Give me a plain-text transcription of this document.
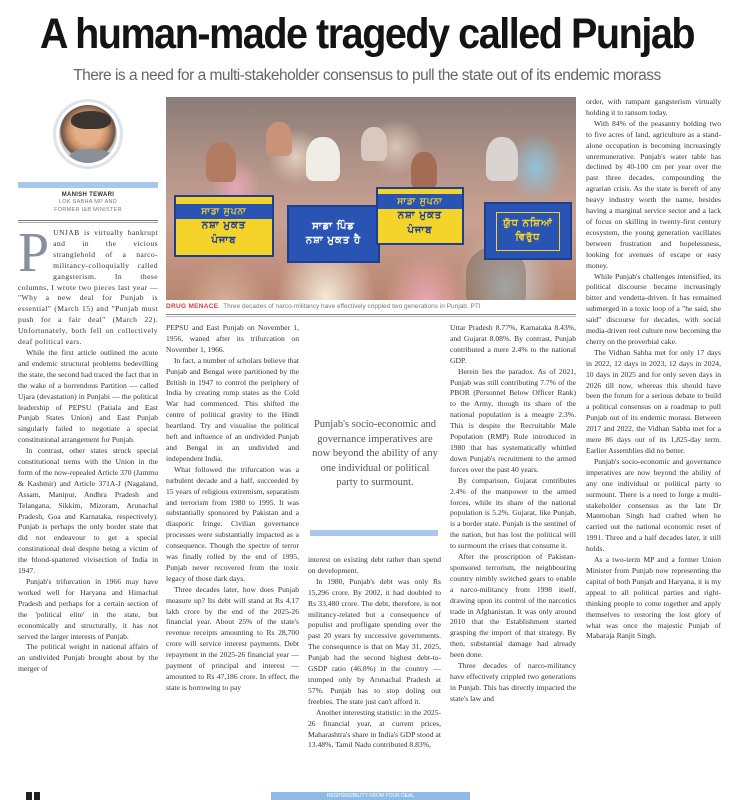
A human-made tragedy called Punjab
There is a need for a multi-stakeholder consensus to pull the state out of its endemic morass
MANISH TEWARI
LOK SABHA MP AND
FORMER I&B MINISTER	ਸਾਡਾ ਸੁਪਨਾ
ਨਸ਼ਾ ਮੁਕਤ
ਪੰਜਾਬ
ਸਾਡਾ ਪਿੰਡ
ਨਸ਼ਾ ਮੁਕਤ ਹੈ
ਸਾਡਾ ਸੁਪਨਾ
ਨਸ਼ਾ ਮੁਕਤ
ਪੰਜਾਬ
ਯੁੱਧ ਨਸ਼ਿਆਂ
ਵਿਰੁੱਧ
DRUG MENACE Three decades of narco-militancy have effectively crippled two generations in Punjab. PTI

P UNJAB is virtually bankrupt and in the vicious stranglehold of a narco-militancy-colloquially called gangsterism. In these columns, I wrote two pieces last year — "Why a new deal for Punjab is essential" (March 15) and "Punjab must push for a fair deal" (March 22). Unfortunately, both fell on collectively deaf political ears.

While the first article outlined the acute and endemic structural problems bedevilling the state, the second had traced the fact that in the wake of a horrendous Partition — called Ujara (devastation) in Punjabi — the political leadership of PEPSU (Patiala and East Punjab States Union) and East Punjab singularly failed to negotiate a special constitutional arrangement for Punjab.

In contrast, other states struck special constitutional terms with the Union in the form of the now-repealed Article 370 (Jammu & Kashmir) and Article 371A-J (Nagaland, Assam, Manipur, Andhra Pradesh and Telangana, Sikkim, Mizoram, Arunachal Pradesh, Goa and Karnataka, respectively). Punjab is perhaps the only border state that did not endeavour to get a special constitutional deal despite being a victim of the blood-spattered vivisection of India in 1947.

Punjab's trifurcation in 1966 may have worked well for Haryana and Himachal Pradesh and perhaps for a certain section of the 'political elite' in the state, but economically and structurally, it has not served the larger interests of Punjab.

The political weight in national affairs of an undivided Punjab brought about by the merger of

PEPSU and East Punjab on November 1, 1956, waned after its trifurcation on November 1, 1966.

In fact, a number of scholars believe that Punjab and Bengal were partitioned by the British in 1947 to control the periphery of India by creating rump states as the Cold War had commenced. This shifted the centre of political gravity to the Hindi heartland. Try and visualise the political heft and influence of an undivided Punjab and Bengal in an undivided and independent India.

What followed the trifurcation was a turbulent decade and a half, succeeded by 15 years of religious extremism, separatism and terrorism from 1980 to 1995. It was substantially sponsored by Pakistan and a diasporic fringe. Civilian governance processes were substantially impacted as a consequence. Though the spectre of terror was finally rolled by the end of 1995, Punjab never recovered from the toxic legacy of those dark days.

Three decades later, how does Punjab measure up? Its debt will stand at Rs 4.17 lakh crore by the end of the 2025-26 financial year. About 25% of the state's revenue receipts amounting to Rs 28,700 crore will service interest payments. Debt repayment in the 2025-26 financial year — payment of principal and interest — amounted to Rs 47,186 crore. In effect, the state is borrowing to pay

Punjab's socio-economic and governance imperatives are now beyond the ability of any one individual or political party to surmount.

interest on existing debt rather than spend on development.

In 1980, Punjab's debt was only Rs 15,296 crore. By 2002, it had doubled to Rs 33,480 crore. The debt, therefore, is not militancy-related but a consequence of populist and profligate spending over the past 20 years by successive governments. The consequence is that on May 31, 2025, Punjab had the second highest debt-to-GSDP ratio (46.8%) in the country — trumped only by Arunachal Pradesh at 57%. Punjab has to stop doling out freebies. The state just can't afford it.

Another interesting statistic: in the 2025-26 financial year, at current prices, Maharashtra's share in India's GDP stood at 13.48%, Tamil Nadu contributed 8.83%,

Uttar Pradesh 8.77%, Karnataka 8.43%, and Gujarat 8.08%. By contrast, Punjab contributed a mere 2.4% to the national GDP.

Herein lies the paradox. As of 2021, Punjab was still contributing 7.7% of the PBOR (Personnel Below Officer Rank) to the Army, though its share of the national population is a meagre 2.3%. This is despite the Recruitable Male Population (RMP) Rule introduced in 1980 that has systematically whittled down Punjab's recruitment to the armed forces over the past 40 years.

By comparison, Gujarat contributes 2.4% of the manpower to the armed forces, while its share of the national population is 5.2%. Gujarat, like Punjab, is a border state. Punjab is the sentinel of the nation, but has lost the political will to surmount the crises that consume it.

After the proscription of Pakistan-sponsored terrorism, the neighbouring country nimbly switched gears to enable a narco-militancy from 1998 itself, drawing upon its control of the narcotics trade in Afghanistan. It was only around 2010 that the Establishment started grasping the import of that strategy. By then, substantial damage had already been done.

Three decades of narco-militancy have effectively crippled two generations in Punjab. This has directly impacted the state's law and

order, with rampant gangsterism virtually holding it to ransom today.

With 84% of the peasantry holding two to five acres of land, agriculture as a stand-alone occupation is becoming increasingly unremunerative. Punjab's water table has declined by 40-100 cm per year over the past three decades, compounding the agrarian crisis. As the state is bereft of any heavy industry worth the name, besides having a marginal service sector and a lack of focus on skilling in twenty-first century ecosystem, the young generation vacillates between frustration and hopelessness, looking for avenues of escape or easy money.

While Punjab's challenges intensified, its political discourse became increasingly bitter and vendetta-driven. It has remained submerged in a toxic loop of a "he said, she said" discourse for decades, with social media-driven reel culture now becoming the cherry on the proverbial cake.

The Vidhan Sabha met for only 17 days in 2022, 12 days in 2023, 12 days in 2024, 10 days in 2025 and for only seven days in 2026 till now, whereas this should have been the forum for a serious debate to build a political consensus on a roadmap to pull Punjab out of its endemic morass. Between 2017 and 2022, the Vidhan Sabha met for a mere 86 days out of its 1,825-day term. Earlier Assemblies did no better.

Punjab's socio-economic and governance imperatives are now beyond the ability of any one individual or political party to surmount. There is a need to forge a multi-stakeholder consensus as the late Dr Manmohan Singh had crafted when he carried out the national economic reset of 1991. Three and a half decades later, it still holds.

As a two-term MP and a former Union Minister from Punjab now representing the capital of both Punjab and Haryana, it is my appeal to all political parties and right-thinking people to come together and apply themselves to restoring the lost glory of what was once the majestic Punjab of Maharaja Ranjit Singh.

RESPONSIBILITY FROM YOUR DEAL
